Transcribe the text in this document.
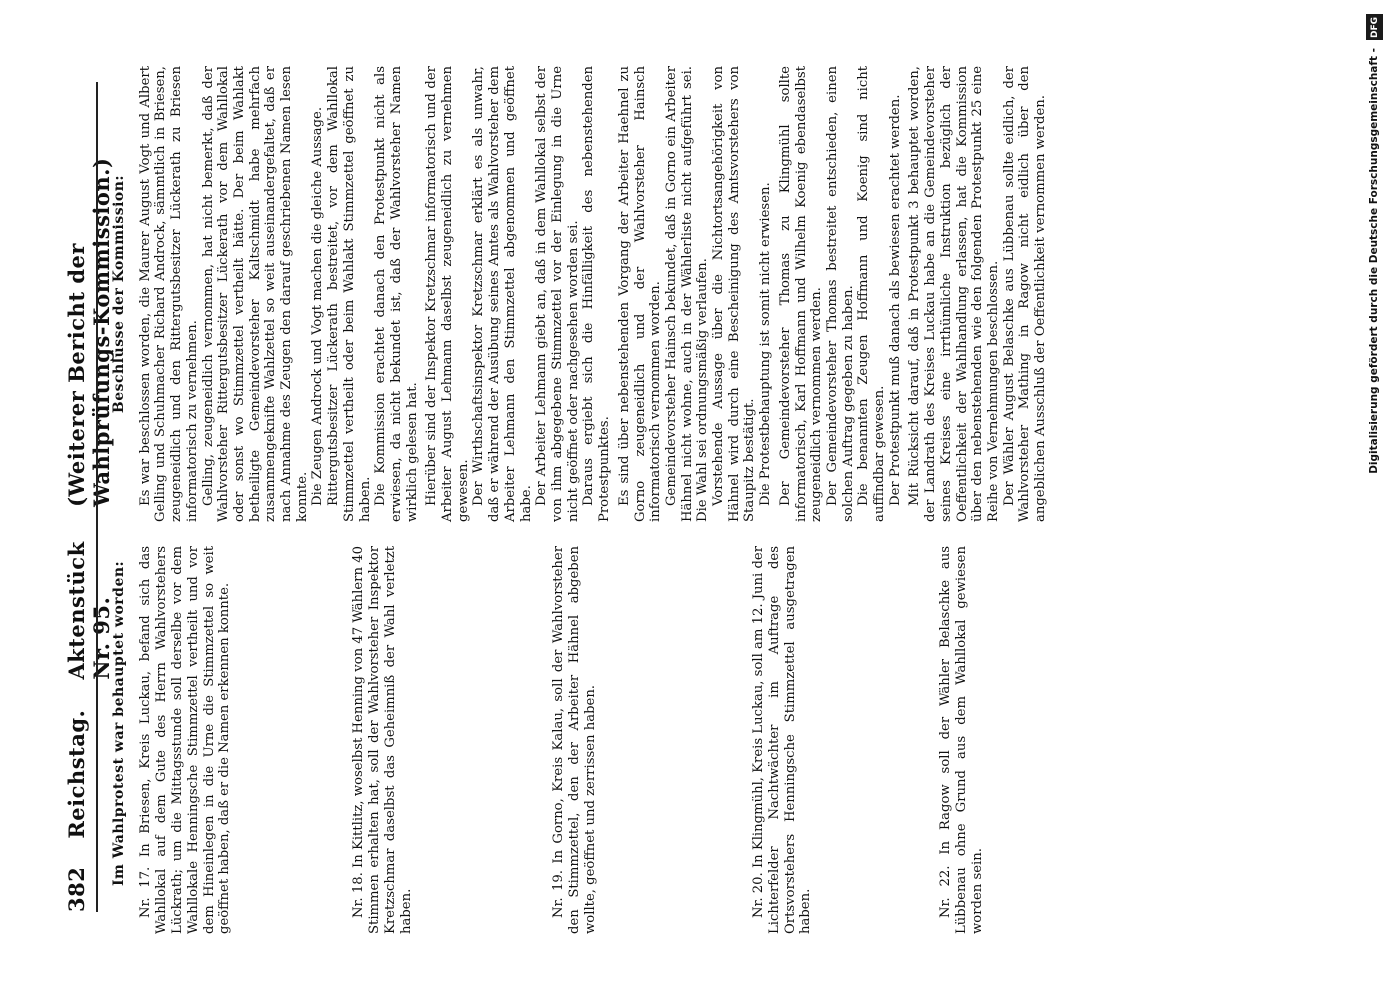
382
Reichstag.
Aktenstück Nr. 95.
(Weiterer Bericht der Wahlprüfungs-Kommission.)
Im Wahlprotest war behauptet worden: Nr. 17. In Briesen, Kreis Luckau, befand sich das Wahllokal auf dem Gute des Herrn Wahlvorstehers Lückrath; um die Mittagsstunde soll derselbe vor dem Wahllokale Henningsche Stimmzettel vertheilt und vor dem Hineinlegen in die Urne die Stimmzettel so weit geöffnet haben, daß er die Namen erkennen konnte.	Nr. 18. In Kittlitz, woselbst Henning von 47 Wählern 40 Stimmen erhalten hat, soll der Wahlvorsteher Inspektor Kretzschmar daselbst das Geheimniß der Wahl verletzt haben.	Nr. 19. In Gorno, Kreis Kalau, soll der Wahlvorsteher den Stimmzettel, den der Arbeiter Hähnel abgeben wollte, geöffnet und zerrissen haben.	Nr. 20. In Klingmühl, Kreis Luckau, soll am 12. Juni der Lichterfelder Nachtwächter im Auftrage des Ortsvorstehers Henningsche Stimmzettel ausgetragen haben.	Nr. 22. In Ragow soll der Wähler Belaschke aus Lübbenau ohne Grund aus dem Wahllokal gewiesen worden sein.

Beschlüsse der Kommission: Es war beschlossen worden, die Maurer August Vogt und Albert Gelling und Schuhmacher Richard Androck, sämmtlich in Briesen, zeugeneidlich und den Rittergutsbesitzer Lückerath zu Briesen informatorisch zu vernehmen. Gelling, zeugeneidlich vernommen, hat nicht bemerkt, daß der Wahlvorsteher Rittergutsbesitzer Lückerath vor dem Wahllokal oder sonst wo Stimmzettel vertheilt hätte. Der beim Wahlakt betheiligte Gemeindevorsteher Kaltschmidt habe mehrfach zusammengeknifte Wahlzettel so weit auseinandergefaltet, daß er nach Annahme des Zeugen den darauf geschriebenen Namen lesen konnte. Die Zeugen Androck und Vogt machen die gleiche Aussage. Rittergutsbesitzer Lückerath bestreitet, vor dem Wahllokal Stimmzettel vertheilt oder beim Wahlakt Stimmzettel geöffnet zu haben. Die Kommission erachtet danach den Protestpunkt nicht als erwiesen, da nicht bekundet ist, daß der Wahlvorsteher Namen wirklich gelesen hat. Hierüber sind der Inspektor Kretzschmar informatorisch und der Arbeiter August Lehmann daselbst zeugeneidlich zu vernehmen gewesen. Der Wirthschaftsinspektor Kretzschmar erklärt es als unwahr, daß er während der Ausübung seines Amtes als Wahlvorsteher dem Arbeiter Lehmann den Stimmzettel abgenommen und geöffnet habe. Der Arbeiter Lehmann giebt an, daß in dem Wahllokal selbst der von ihm abgegebene Stimmzettel vor der Einlegung in die Urne nicht geöffnet oder nachgesehen worden sei. Daraus ergiebt sich die Hinfälligkeit des nebenstehenden Protestpunktes. Es sind über nebenstehenden Vorgang der Arbeiter Haehnel zu Gorno zeugeneidlich und der Wahlvorsteher Hainsch informatorisch vernommen worden. Gemeindevorsteher Hainsch bekundet, daß in Gorno ein Arbeiter Hähnel nicht wohne, auch in der Wählerliste nicht aufgeführt sei. Die Wahl sei ordnungsmäßig verlaufen. Vorstehende Aussage über die Nichtortsangehörigkeit von Hähnel wird durch eine Bescheinigung des Amtsvorstehers von Staupitz bestätigt. Die Protestbehauptung ist somit nicht erwiesen. Der Gemeindevorsteher Thomas zu Klingmühl sollte informatorisch, Karl Hoffmann und Wilhelm Koenig ebendaselbst zeugeneidlich vernommen werden. Der Gemeindevorsteher Thomas bestreitet entschieden, einen solchen Auftrag gegeben zu haben. Die benannten Zeugen Hoffmann und Koenig sind nicht auffindbar gewesen. Der Protestpunkt muß danach als bewiesen erachtet werden. Mit Rücksicht darauf, daß in Protestpunkt 3 behauptet worden, der Landrath des Kreises Luckau habe an die Gemeindevorsteher seines Kreises eine irrthümliche Instruktion bezüglich der Oeffentlichkeit der Wahlhandlung erlassen, hat die Kommission über den nebenstehenden wie den folgenden Protestpunkt 25 eine Reihe von Vernehmungen beschlossen. Der Wähler August Belaschke aus Lübbenau sollte eidlich, der Wahlvorsteher Mathing in Ragow nicht eidlich über den angeblichen Ausschluß der Oeffentlichkeit vernommen werden.

DFG
Digitalisierung gefördert durch die Deutsche Forschungsgemeinschaft -
